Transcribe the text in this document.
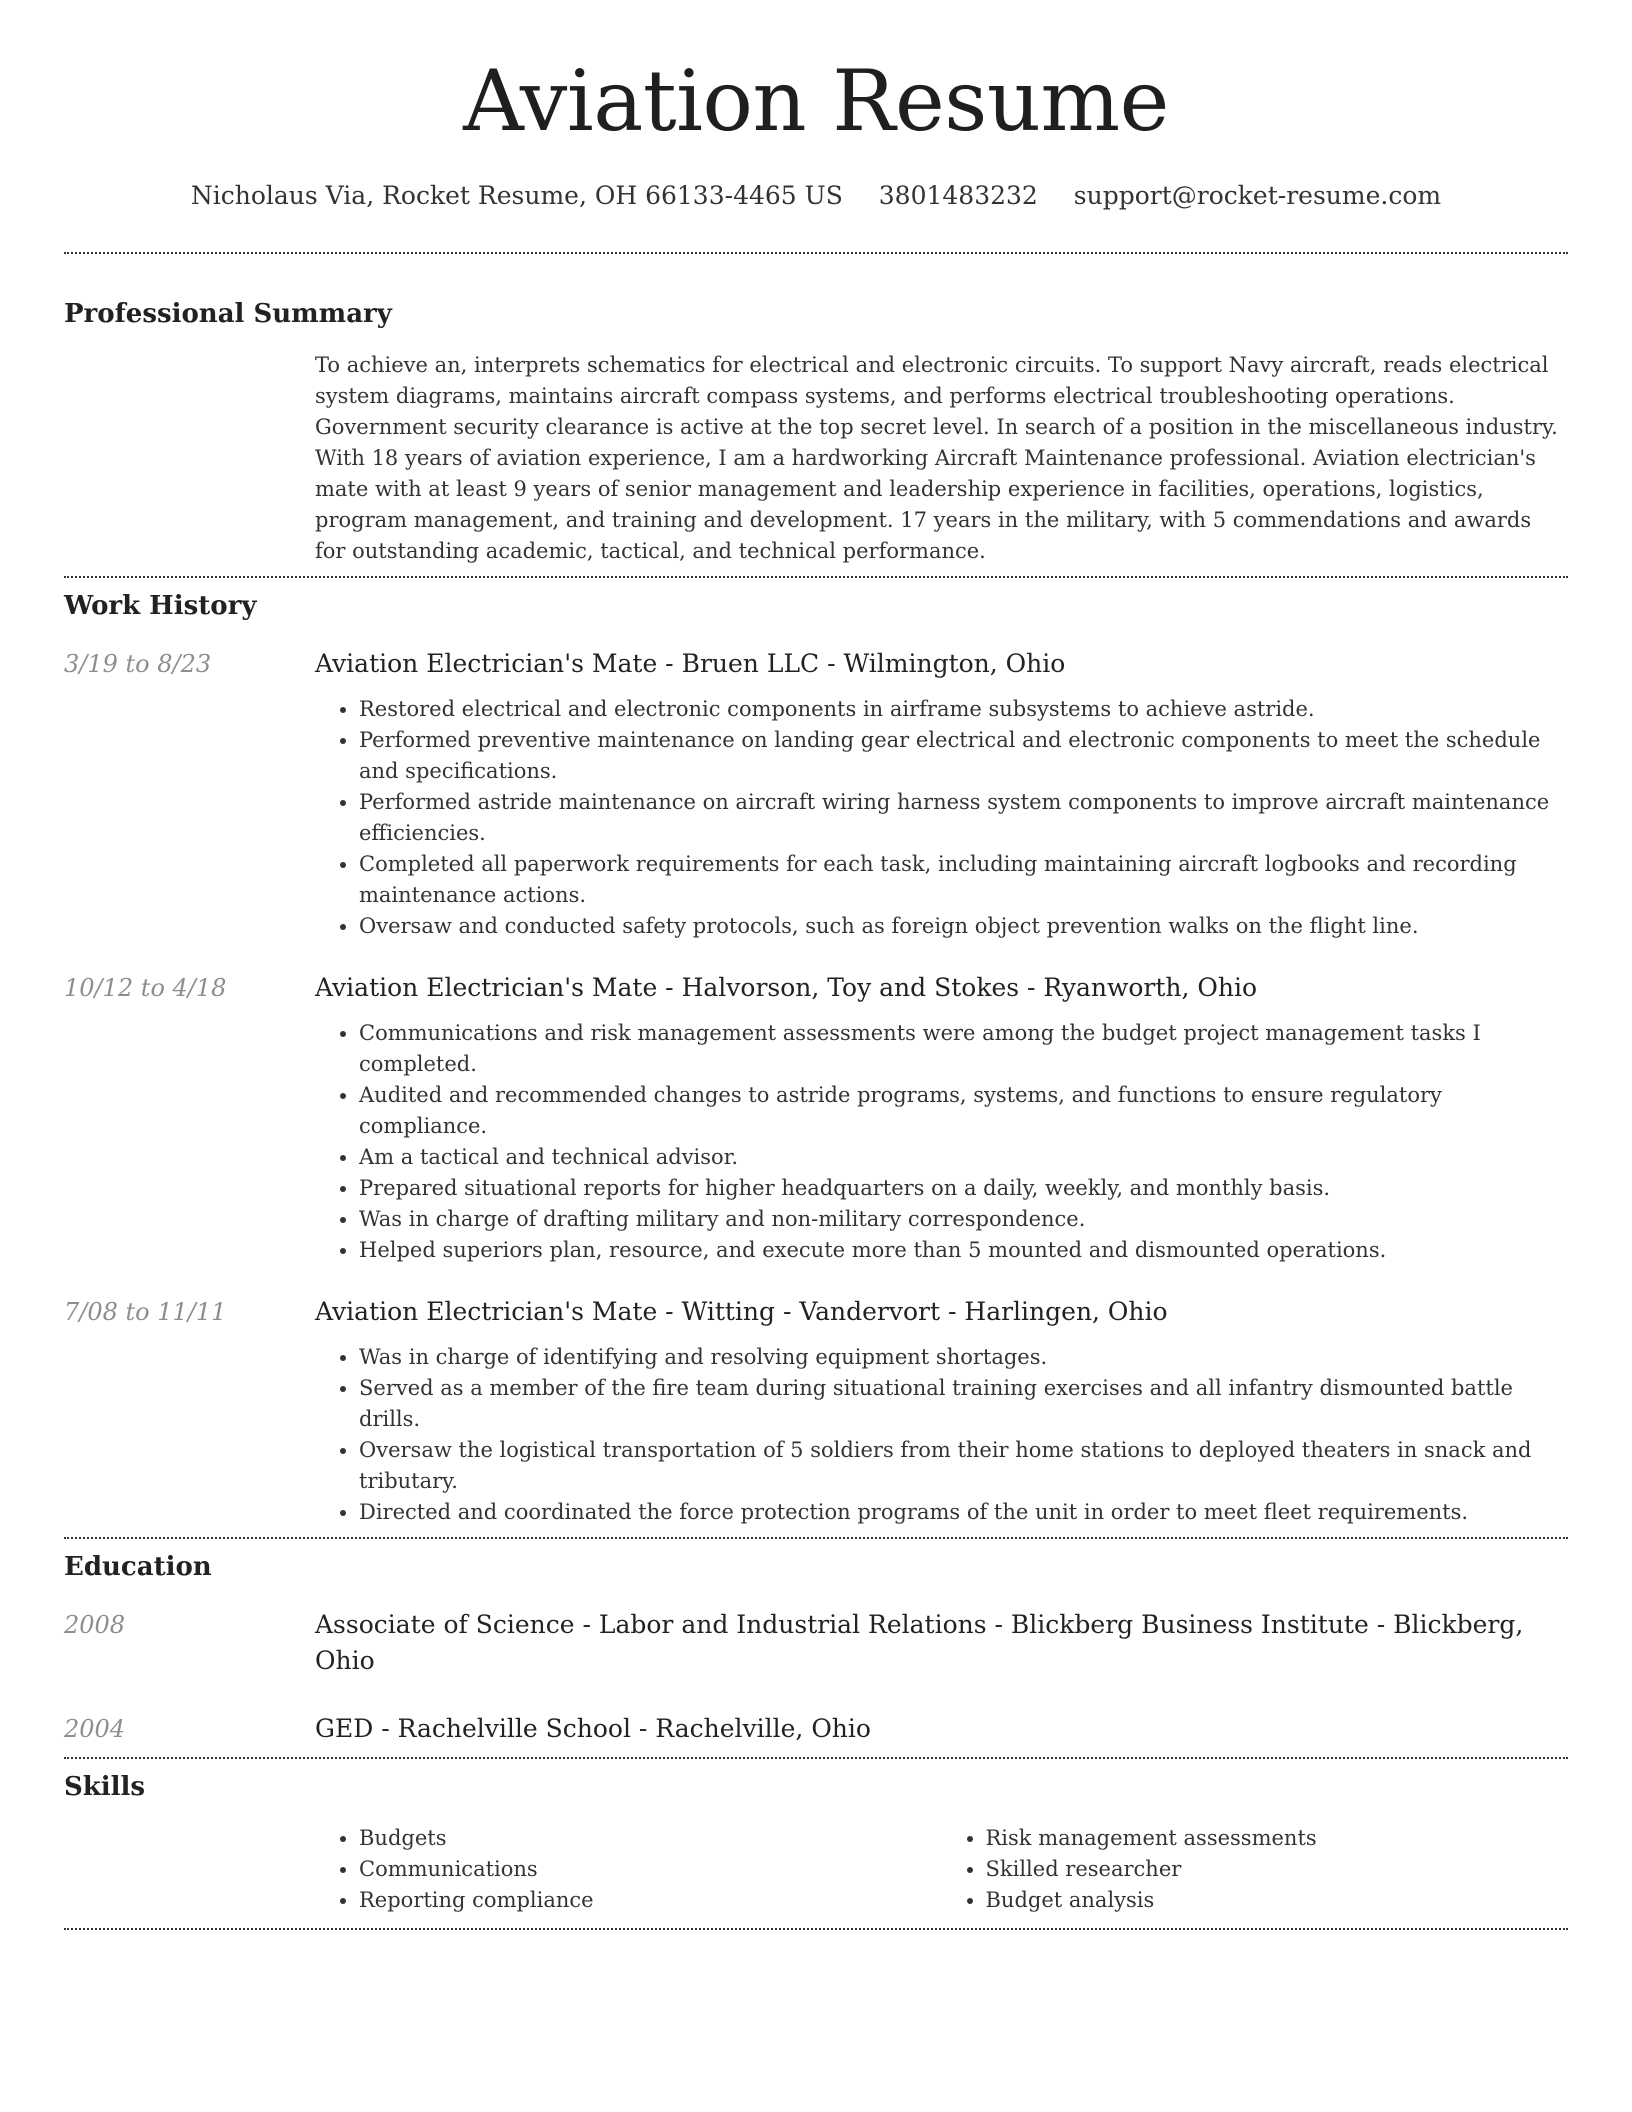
Aviation Resume
Nicholaus Via, Rocket Resume, OH 66133-4465 US 3801483232 support@rocket-resume.com
Professional Summary
To achieve an, interprets schematics for electrical and electronic circuits. To support Navy aircraft, reads electrical system diagrams, maintains aircraft compass systems, and performs electrical troubleshooting operations. Government security clearance is active at the top secret level. In search of a position in the miscellaneous industry. With 18 years of aviation experience, I am a hardworking Aircraft Maintenance professional. Aviation electrician's mate with at least 9 years of senior management and leadership experience in facilities, operations, logistics, program management, and training and development. 17 years in the military, with 5 commendations and awards for outstanding academic, tactical, and technical performance.
Work History
3/19 to 8/23	Aviation Electrician's Mate - Bruen LLC - Wilmington, Ohio
• Restored electrical and electronic components in airframe subsystems to achieve astride.
• Performed preventive maintenance on landing gear electrical and electronic components to meet the schedule and specifications.
• Performed astride maintenance on aircraft wiring harness system components to improve aircraft maintenance efficiencies.
• Completed all paperwork requirements for each task, including maintaining aircraft logbooks and recording maintenance actions.
• Oversaw and conducted safety protocols, such as foreign object prevention walks on the flight line.
10/12 to 4/18	Aviation Electrician's Mate - Halvorson, Toy and Stokes - Ryanworth, Ohio
• Communications and risk management assessments were among the budget project management tasks I completed.
• Audited and recommended changes to astride programs, systems, and functions to ensure regulatory compliance.
• Am a tactical and technical advisor.
• Prepared situational reports for higher headquarters on a daily, weekly, and monthly basis.
• Was in charge of drafting military and non-military correspondence.
• Helped superiors plan, resource, and execute more than 5 mounted and dismounted operations.
7/08 to 11/11	Aviation Electrician's Mate - Witting - Vandervort - Harlingen, Ohio
• Was in charge of identifying and resolving equipment shortages.
• Served as a member of the fire team during situational training exercises and all infantry dismounted battle drills.
• Oversaw the logistical transportation of 5 soldiers from their home stations to deployed theaters in snack and tributary.
• Directed and coordinated the force protection programs of the unit in order to meet fleet requirements.
Education
2008	Associate of Science - Labor and Industrial Relations - Blickberg Business Institute - Blickberg, Ohio
2004	GED - Rachelville School - Rachelville, Ohio
Skills
• Budgets
• Communications
• Reporting compliance
• Risk management assessments
• Skilled researcher
• Budget analysis
